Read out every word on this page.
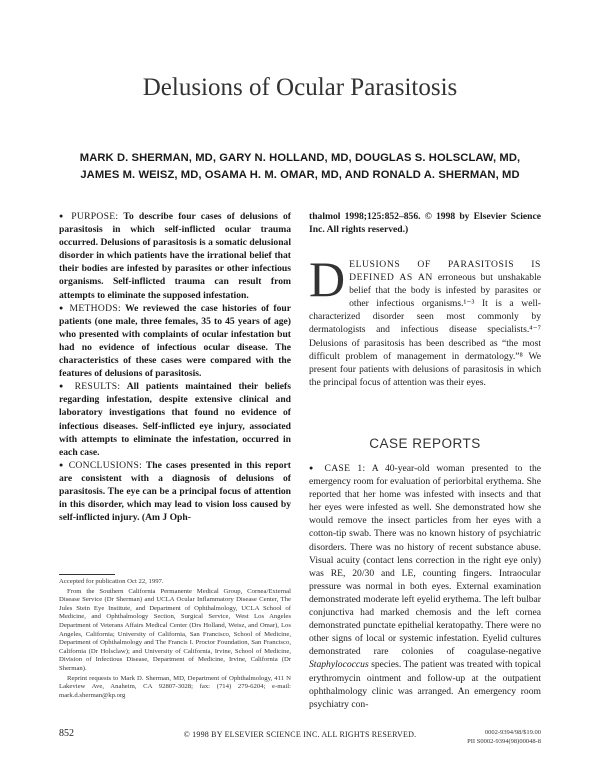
Delusions of Ocular Parasitosis
MARK D. SHERMAN, MD, GARY N. HOLLAND, MD, DOUGLAS S. HOLSCLAW, MD,
JAMES M. WEISZ, MD, OSAMA H. M. OMAR, MD, AND RONALD A. SHERMAN, MD

● PURPOSE: To describe four cases of delusions of parasitosis in which self-inflicted ocular trauma occurred. Delusions of parasitosis is a somatic delusional disorder in which patients have the irrational belief that their bodies are infested by parasites or other infectious organisms. Self-inflicted trauma can result from attempts to eliminate the supposed infestation.

● METHODS: We reviewed the case histories of four patients (one male, three females, 35 to 45 years of age) who presented with complaints of ocular infestation but had no evidence of infectious ocular disease. The characteristics of these cases were compared with the features of delusions of parasitosis.

● RESULTS: All patients maintained their beliefs regarding infestation, despite extensive clinical and laboratory investigations that found no evidence of infectious diseases. Self-inflicted eye injury, associated with attempts to eliminate the infestation, occurred in each case.

● CONCLUSIONS: The cases presented in this report are consistent with a diagnosis of delusions of parasitosis. The eye can be a principal focus of attention in this disorder, which may lead to vision loss caused by self-inflicted injury. (Am J Oph-

thalmol 1998;125:852–856. © 1998 by Elsevier Science Inc. All rights reserved.)
DELUSIONS OF PARASITOSIS IS DEFINED AS AN erroneous but unshakable belief that the body is infested by parasites or other infectious organisms.¹⁻³ It is a well-characterized disorder seen most commonly by dermatologists and infectious disease specialists.⁴⁻⁷ Delusions of parasitosis has been described as “the most difficult problem of management in dermatology.”⁸ We present four patients with delusions of parasitosis in which the principal focus of attention was their eyes.
CASE REPORTS
● CASE 1: A 40-year-old woman presented to the emergency room for evaluation of periorbital erythema. She reported that her home was infested with insects and that her eyes were infested as well. She demonstrated how she would remove the insect particles from her eyes with a cotton-tip swab. There was no known history of psychiatric disorders. There was no history of recent substance abuse. Visual acuity (contact lens correction in the right eye only) was RE, 20/30 and LE, counting fingers. Intraocular pressure was normal in both eyes. External examination demonstrated moderate left eyelid erythema. The left bulbar conjunctiva had marked chemosis and the left cornea demonstrated punctate epithelial keratopathy. There were no other signs of local or systemic infestation. Eyelid cultures demonstrated rare colonies of coagulase-negative Staphylococcus species. The patient was treated with topical erythromycin ointment and follow-up at the outpatient ophthalmology clinic was arranged. An emergency room psychiatry con-

Accepted for publication Oct 22, 1997.

From the Southern California Permanente Medical Group, Cornea/External Disease Service (Dr Sherman) and UCLA Ocular Inflammatory Disease Center, The Jules Stein Eye Institute, and Department of Ophthalmology, UCLA School of Medicine, and Ophthalmology Section, Surgical Service, West Los Angeles Department of Veterans Affairs Medical Center (Drs Holland, Weisz, and Omar), Los Angeles, California; University of California, San Francisco, School of Medicine, Department of Ophthalmology and The Francis I. Proctor Foundation, San Francisco, California (Dr Holsclaw); and University of California, Irvine, School of Medicine, Division of Infectious Disease, Department of Medicine, Irvine, California (Dr Sherman).

Reprint requests to Mark D. Sherman, MD, Department of Ophthalmology, 411 N Lakeview Ave, Anaheim, CA 92807-3028; fax: (714) 279-6204; e-mail: mark.d.sherman@kp.org

852	© 1998 BY ELSEVIER SCIENCE INC. ALL RIGHTS RESERVED.	0002-9394/98/$19.00
PII S0002-9394(98)00048-8
